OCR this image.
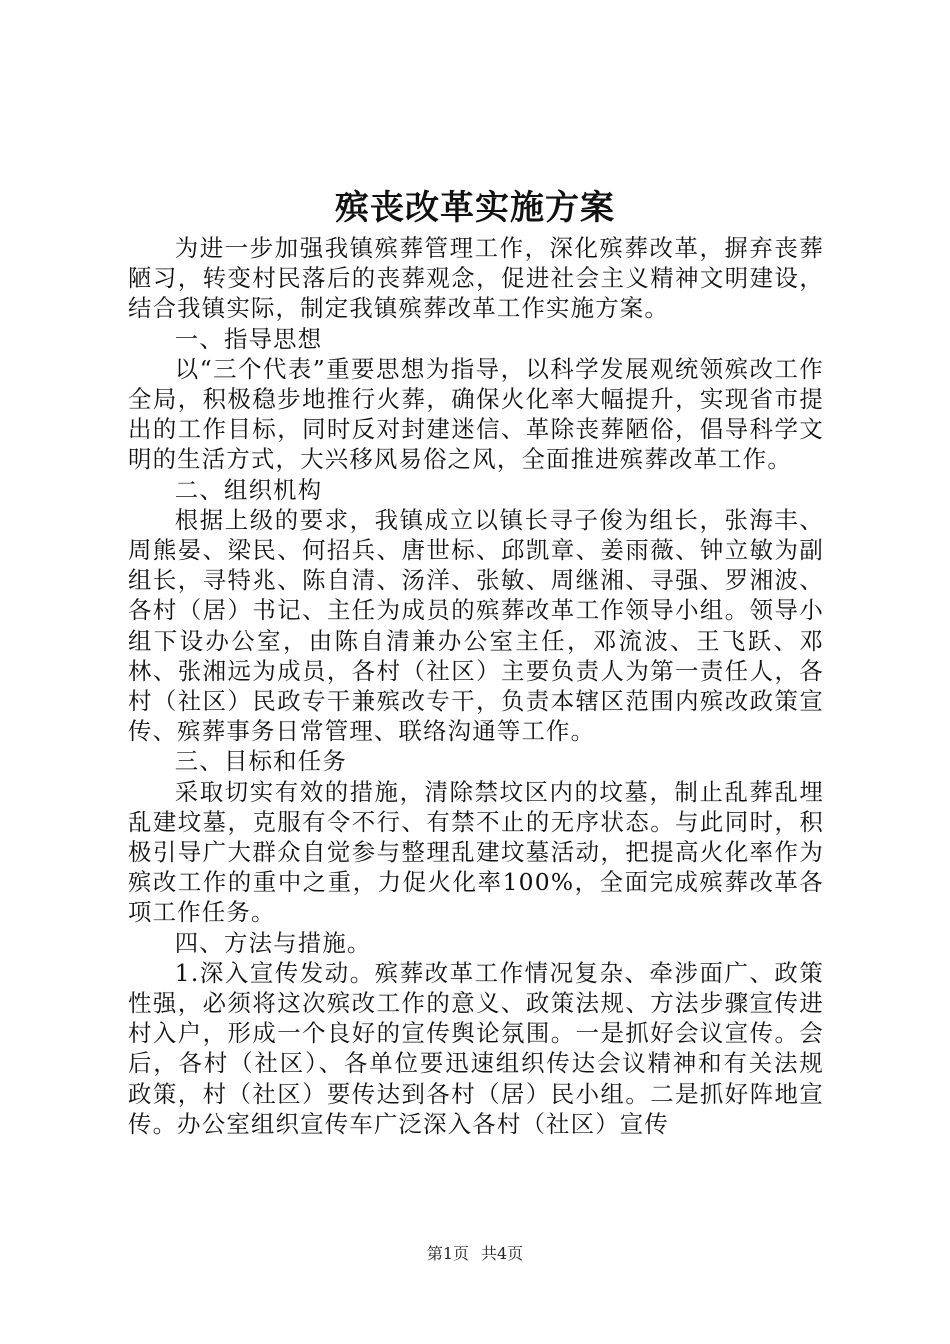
殡丧改革实施方案

为进一步加强我镇殡葬管理工作，深化殡葬改革，摒弃丧葬陋习，转变村民落后的丧葬观念，促进社会主义精神文明建设，结合我镇实际，制定我镇殡葬改革工作实施方案。

一、指导思想

以“三个代表”重要思想为指导，以科学发展观统领殡改工作全局，积极稳步地推行火葬，确保火化率大幅提升，实现省市提出的工作目标，同时反对封建迷信、革除丧葬陋俗，倡导科学文明的生活方式，大兴移风易俗之风，全面推进殡葬改革工作。

二、组织机构

根据上级的要求，我镇成立以镇长寻子俊为组长，张海丰、周熊晏、梁民、何招兵、唐世标、邱凯章、姜雨薇、钟立敏为副组长，寻特兆、陈自清、汤洋、张敏、周继湘、寻强、罗湘波、各村（居）书记、主任为成员的殡葬改革工作领导小组。领导小组下设办公室，由陈自清兼办公室主任，邓流波、王飞跃、邓林、张湘远为成员，各村（社区）主要负责人为第一责任人，各村（社区）民政专干兼殡改专干，负责本辖区范围内殡改政策宣传、殡葬事务日常管理、联络沟通等工作。

三、目标和任务

采取切实有效的措施，清除禁坟区内的坟墓，制止乱葬乱埋乱建坟墓，克服有令不行、有禁不止的无序状态。与此同时，积极引导广大群众自觉参与整理乱建坟墓活动，把提高火化率作为殡改工作的重中之重，力促火化率100%，全面完成殡葬改革各项工作任务。

四、方法与措施。

1.深入宣传发动。殡葬改革工作情况复杂、牵涉面广、政策性强，必须将这次殡改工作的意义、政策法规、方法步骤宣传进村入户，形成一个良好的宣传舆论氛围。一是抓好会议宣传。会后，各村（社区）、各单位要迅速组织传达会议精神和有关法规政策，村（社区）要传达到各村（居）民小组。二是抓好阵地宣传。办公室组织宣传车广泛深入各村（社区）宣传

第1页 共4页
